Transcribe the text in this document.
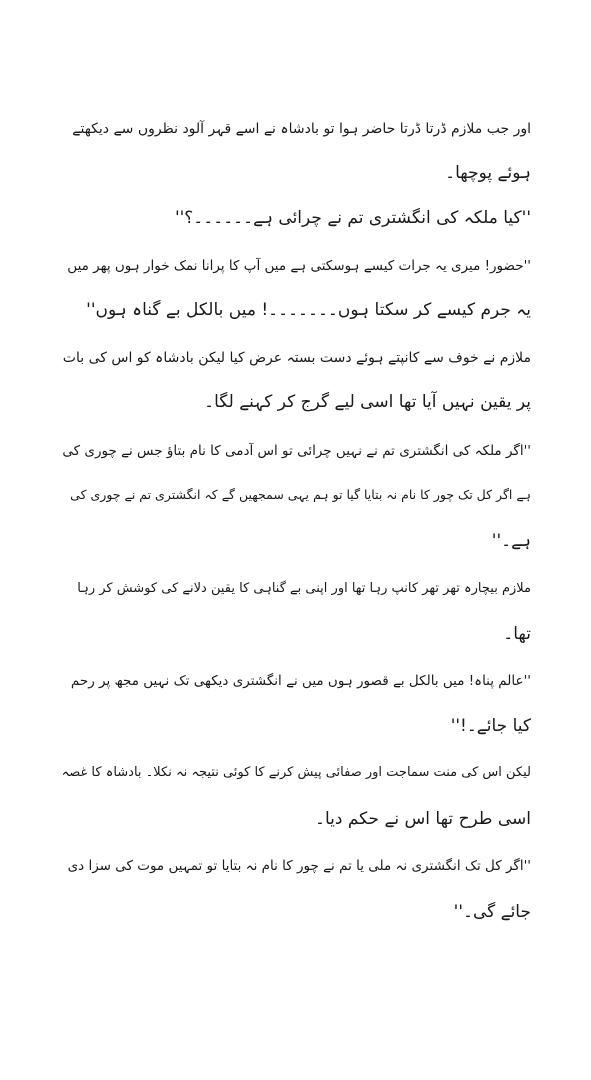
اور جب ملازم ڈرتا ڈرتا حاضر ہوا تو بادشاہ نے اسے قہر آلود نظروں سے دیکھتے
ہوئے پوچھا۔
''کیا ملکہ کی انگشتری تم نے چرائی ہے۔۔۔۔۔۔؟''
''حضور! میری یہ جرات کیسے ہوسکتی ہے میں آپ کا پرانا نمک خوار ہوں پھر میں
یہ جرم کیسے کر سکتا ہوں۔۔۔۔۔۔۔! میں بالکل بے گناہ ہوں''
ملازم نے خوف سے کانپتے ہوئے دست بستہ عرض کیا لیکن بادشاہ کو اس کی بات
پر یقین نہیں آیا تھا اسی لیے گرج کر کہنے لگا۔
''اگر ملکہ کی انگشتری تم نے نہیں چرائی تو اس آدمی کا نام بتاؤ جس نے چوری کی
ہے اگر کل تک چور کا نام نہ بتایا گیا تو ہم یہی سمجھیں گے کہ انگشتری تم نے چوری کی
ہے۔''
ملازم بیچارہ تھر تھر کانپ رہا تھا اور اپنی بے گناہی کا یقین دلانے کی کوشش کر رہا
تھا۔
''عالم پناہ! میں بالکل بے قصور ہوں میں نے انگشتری دیکھی تک نہیں مجھ پر رحم
کیا جائے۔!''
لیکن اس کی منت سماجت اور صفائی پیش کرنے کا کوئی نتیجہ نہ نکلا۔ بادشاہ کا غصہ
اسی طرح تھا اس نے حکم دیا۔
''اگر کل تک انگشتری نہ ملی یا تم نے چور کا نام نہ بتایا تو تمہیں موت کی سزا دی
جائے گی۔''
